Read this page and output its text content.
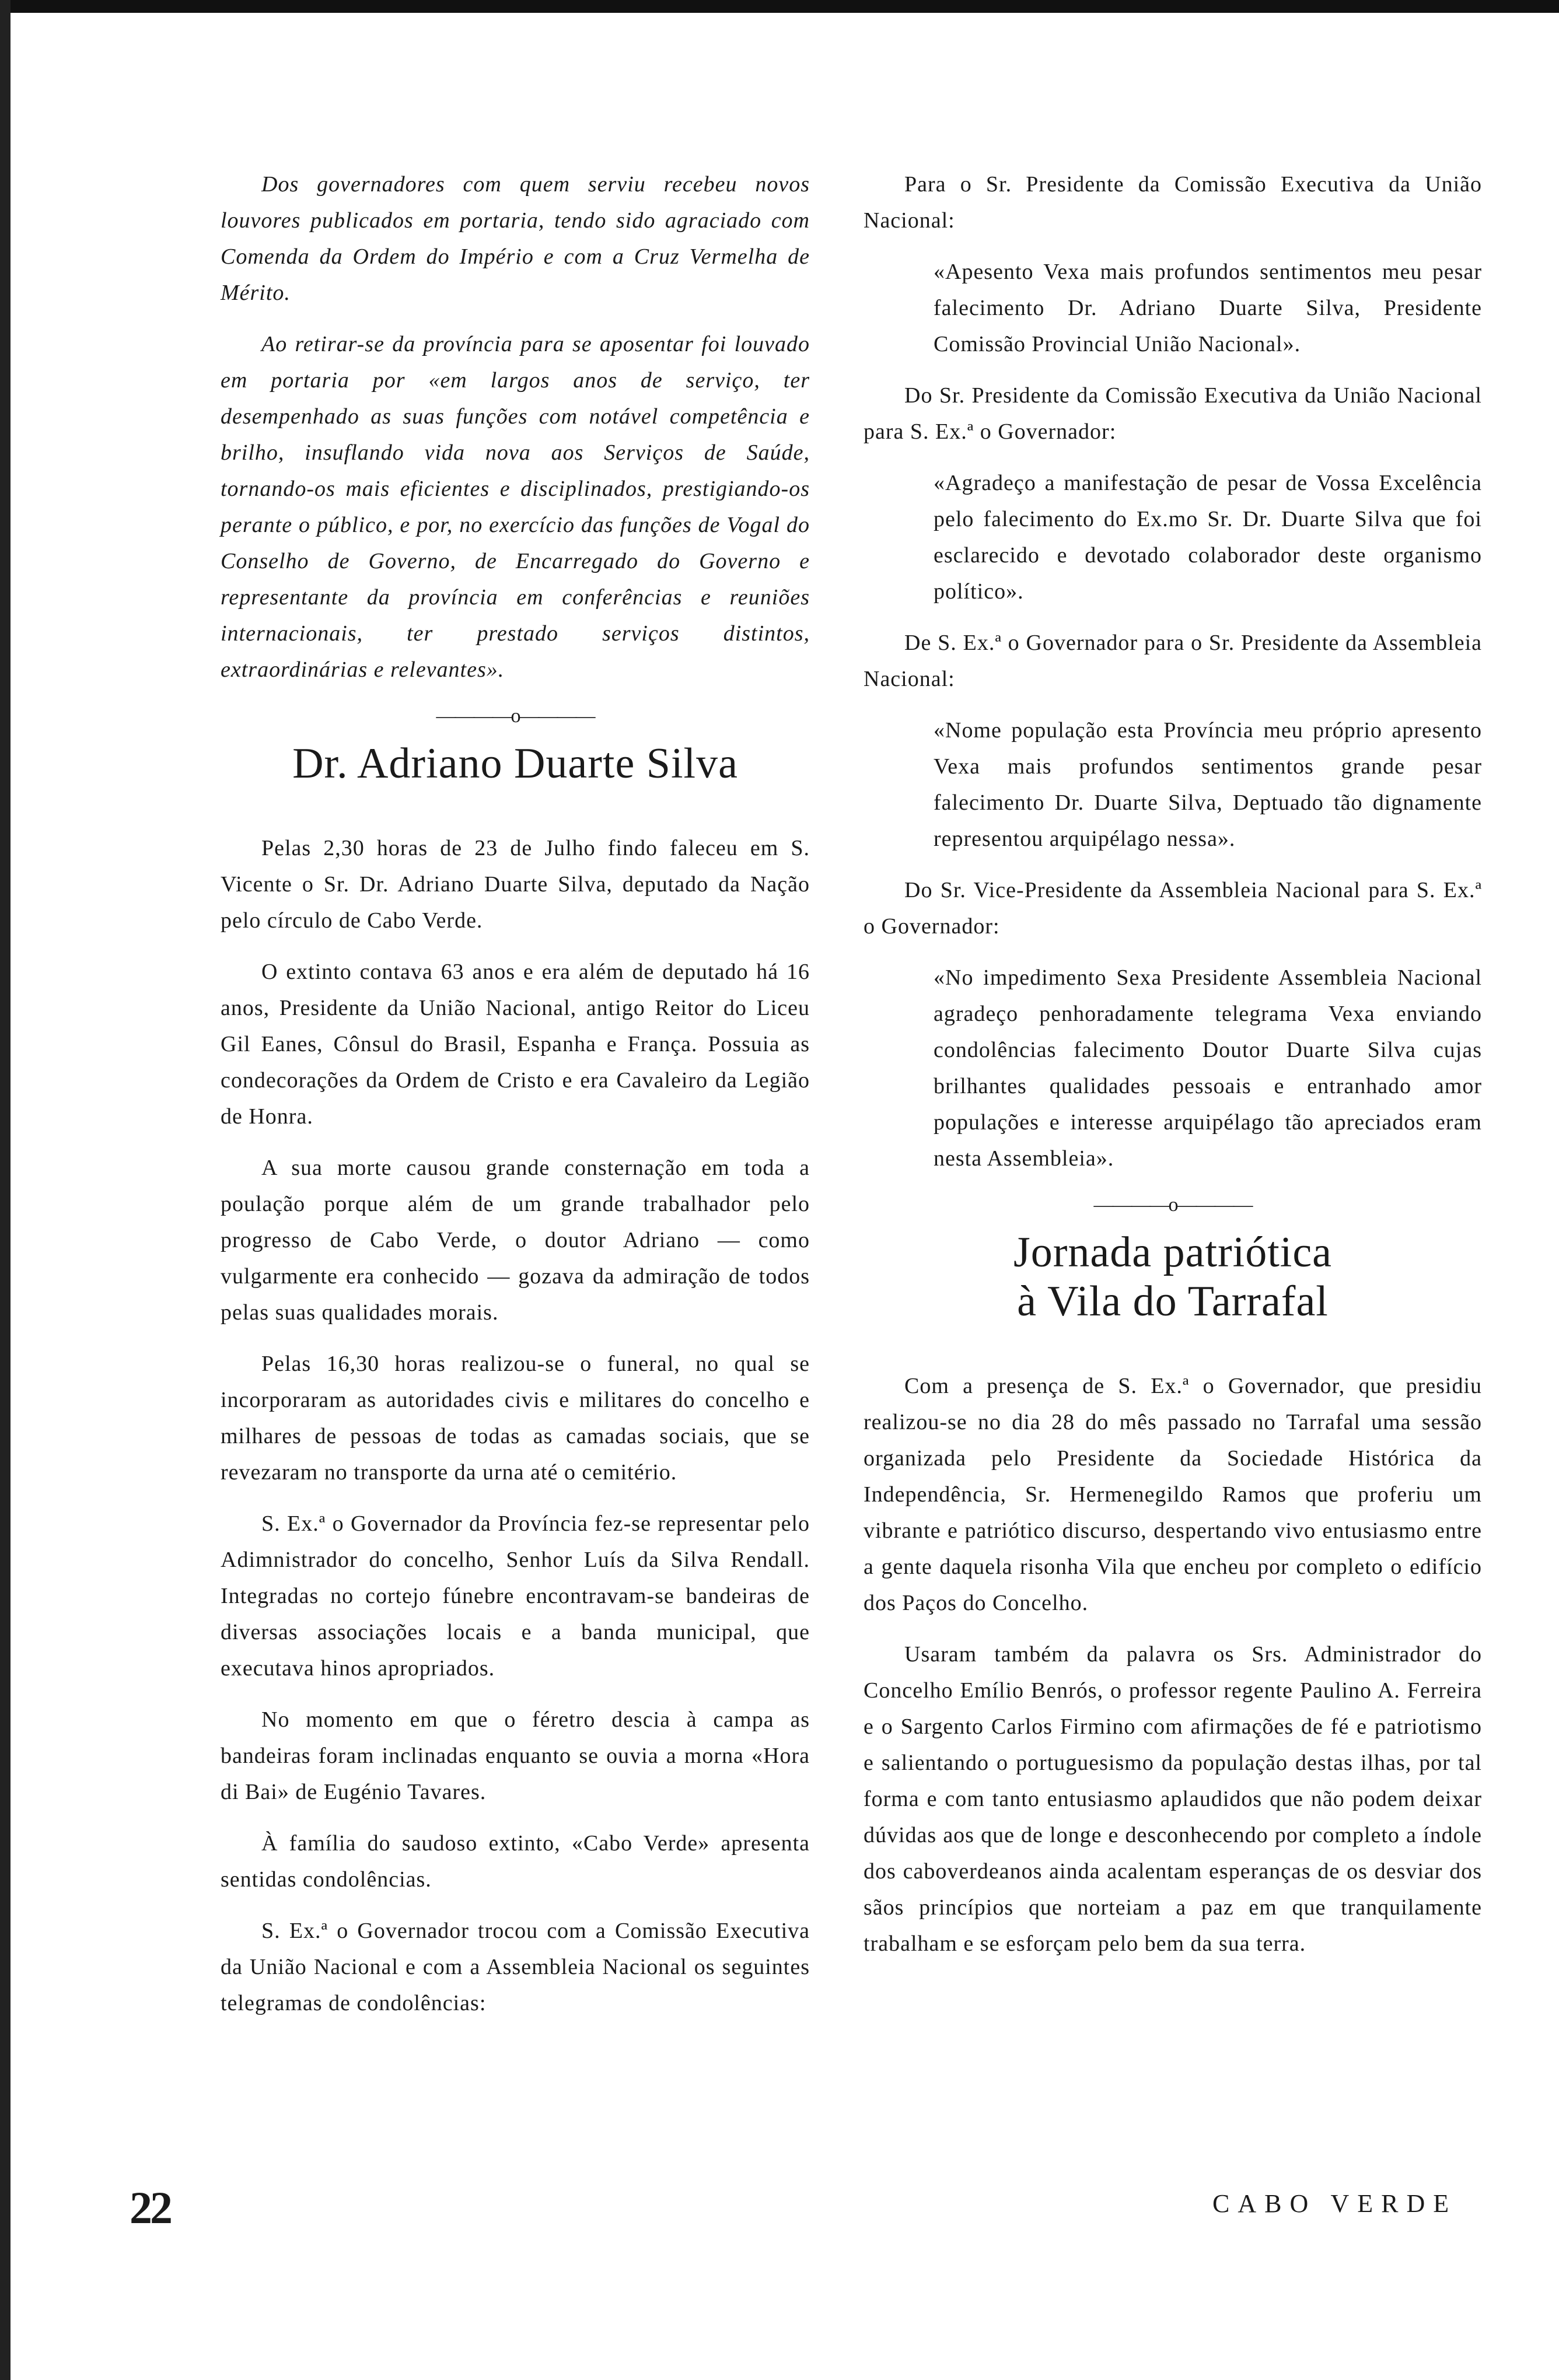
Dos governadores com quem serviu recebeu novos louvores publicados em portaria, tendo sido agraciado com Comenda da Ordem do Império e com a Cruz Vermelha de Mérito.

Ao retirar-se da província para se aposentar foi louvado em portaria por «em largos anos de serviço, ter desempenhado as suas funções com notável competência e brilho, insuflando vida nova aos Serviços de Saúde, tornando-os mais eficientes e disciplinados, prestigiando-os perante o público, e por, no exercício das funções de Vogal do Conselho de Governo, de Encarregado do Governo e representante da província em conferências e reuniões internacionais, ter prestado serviços distintos, extraordinárias e relevantes».

————o————
Dr. Adriano Duarte Silva

Pelas 2,30 horas de 23 de Julho findo faleceu em S. Vicente o Sr. Dr. Adriano Duarte Silva, deputado da Nação pelo círculo de Cabo Verde.

O extinto contava 63 anos e era além de deputado há 16 anos, Presidente da União Nacional, antigo Reitor do Liceu Gil Eanes, Cônsul do Brasil, Espanha e França. Possuia as condecorações da Ordem de Cristo e era Cavaleiro da Legião de Honra.

A sua morte causou grande consternação em toda a poulação porque além de um grande trabalhador pelo progresso de Cabo Verde, o doutor Adriano — como vulgarmente era conhecido — gozava da admiração de todos pelas suas qualidades morais.

Pelas 16,30 horas realizou-se o funeral, no qual se incorporaram as autoridades civis e militares do concelho e milhares de pessoas de todas as camadas sociais, que se revezaram no transporte da urna até o cemitério.

S. Ex.ª o Governador da Província fez-se representar pelo Adimnistrador do concelho, Senhor Luís da Silva Rendall. Integradas no cortejo fúnebre encontravam-se bandeiras de diversas associações locais e a banda municipal, que executava hinos apropriados.

No momento em que o féretro descia à campa as bandeiras foram inclinadas enquanto se ouvia a morna «Hora di Bai» de Eugénio Tavares.

À família do saudoso extinto, «Cabo Verde» apresenta sentidas condolências.

S. Ex.ª o Governador trocou com a Comissão Executiva da União Nacional e com a Assembleia Nacional os seguintes telegramas de condolências:

Para o Sr. Presidente da Comissão Executiva da União Nacional:

«Apesento Vexa mais profundos sentimentos meu pesar falecimento Dr. Adriano Duarte Silva, Presidente Comissão Provincial União Nacional».

Do Sr. Presidente da Comissão Executiva da União Nacional para S. Ex.ª o Governador:

«Agradeço a manifestação de pesar de Vossa Excelência pelo falecimento do Ex.mo Sr. Dr. Duarte Silva que foi esclarecido e devotado colaborador deste organismo político».

De S. Ex.ª o Governador para o Sr. Presidente da Assembleia Nacional:

«Nome população esta Província meu próprio apresento Vexa mais profundos sentimentos grande pesar falecimento Dr. Duarte Silva, Deptuado tão dignamente representou arquipélago nessa».

Do Sr. Vice-Presidente da Assembleia Nacional para S. Ex.ª o Governador:

«No impedimento Sexa Presidente Assembleia Nacional agradeço penhoradamente telegrama Vexa enviando condolências falecimento Doutor Duarte Silva cujas brilhantes qualidades pessoais e entranhado amor populações e interesse arquipélago tão apreciados eram nesta Assembleia».

————o————
Jornada patriótica
à Vila do Tarrafal

Com a presença de S. Ex.ª o Governador, que presidiu realizou-se no dia 28 do mês passado no Tarrafal uma sessão organizada pelo Presidente da Sociedade Histórica da Independência, Sr. Hermenegildo Ramos que proferiu um vibrante e patriótico discurso, despertando vivo entusiasmo entre a gente daquela risonha Vila que encheu por completo o edifício dos Paços do Concelho.

Usaram também da palavra os Srs. Administrador do Concelho Emílio Benrós, o professor regente Paulino A. Ferreira e o Sargento Carlos Firmino com afirmações de fé e patriotismo e salientando o portuguesismo da população destas ilhas, por tal forma e com tanto entusiasmo aplaudidos que não podem deixar dúvidas aos que de longe e desconhecendo por completo a índole dos caboverdeanos ainda acalentam esperanças de os desviar dos sãos princípios que norteiam a paz em que tranquilamente trabalham e se esforçam pelo bem da sua terra.

22	CABO VERDE
